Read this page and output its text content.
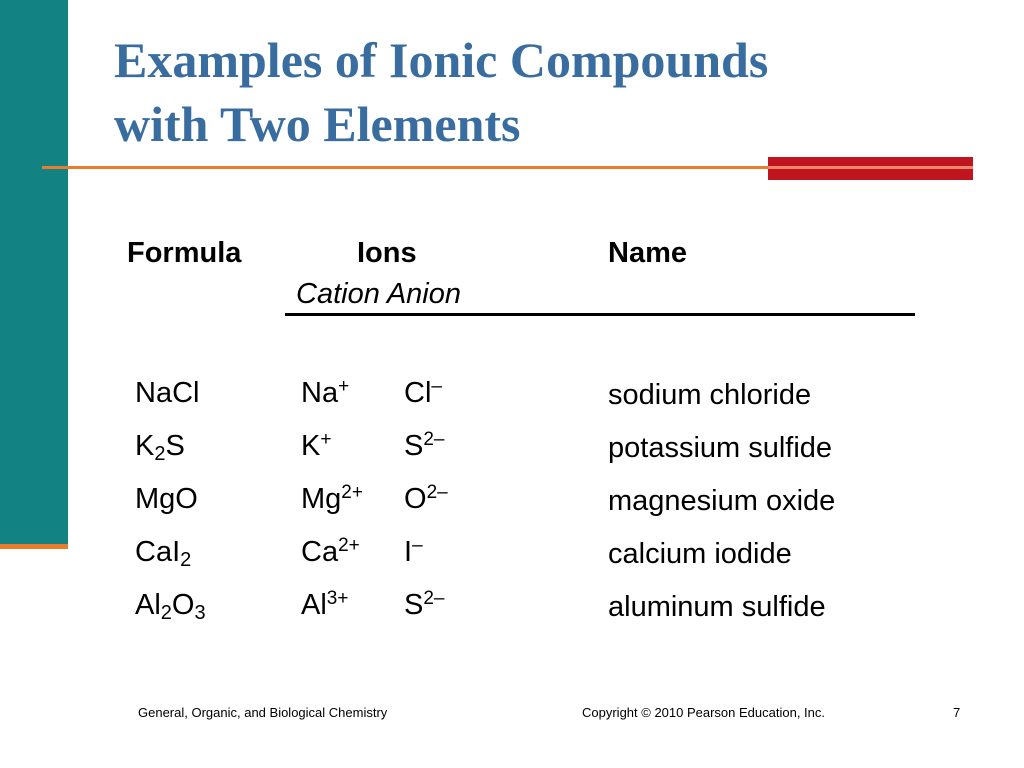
Examples of Ionic Compounds
with Two Elements
Formula	Ions	Name
Cation Anion
NaCl	Na+ Cl–	sodium chloride
$K_2S$	K+	$S^{2-}$	potassium sulfide
MgO	$Mg^{2+}$ $O^{2-}$	magnesium oxide
CaI$_2$	$Ca^{2+}$ I–	calcium iodide
$Al_2O_3$	$Al^{3+}$ $S^{2-}$	aluminum sulfide
General, Organic, and Biological Chemistry	Copyright © 2010 Pearson Education, Inc.	7
